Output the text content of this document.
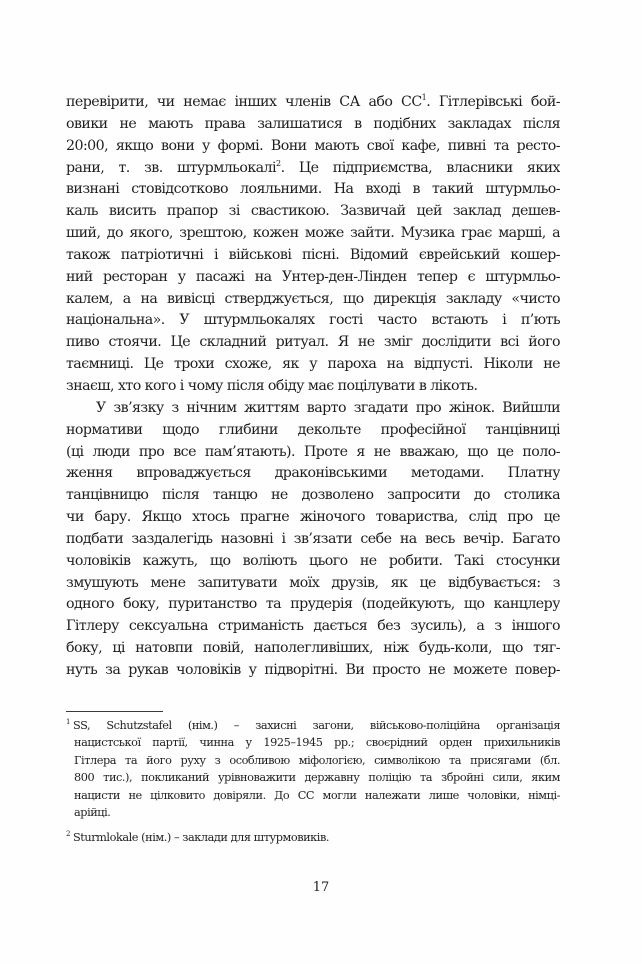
перевірити, чи немає інших членів СА або $СС^1$. Гітлерівські бой-
овики не мають права залишатися в подібних закладах після
20:00, якщо вони у формі. Вони мають свої кафе, пивні та ресто-
рани, т. зв. штурмльокалі$^2$. Це підприємства, власники яких
визнані стовідсотково лояльними. На вході в такий штурмльо-
каль висить прапор зі свастикою. Зазвичай цей заклад дешев-
ший, до якого, зрештою, кожен може зайти. Музика грає марші, а
також патріотичні і військові пісні. Відомий єврейський кошер-
ний ресторан у пасажі на Унтер-ден-Лінден тепер є штурмльо-
калем, а на вивісці стверджується, що дирекція закладу «чисто
національна». У штурмльокалях гості часто встають і п’ють
пиво стоячи. Це складний ритуал. Я не зміг дослідити всі його
таємниці. Це трохи схоже, як у пароха на відпусті. Ніколи не
знаєш, хто кого і чому після обіду має поцілувати в лікоть.
У зв’язку з нічним життям варто згадати про жінок. Вийшли
нормативи щодо глибини декольте професійної танцівниці
(ці люди про все пам’ятають). Проте я не вважаю, що це поло-
ження впроваджується драконівськими методами. Платну
танцівницю після танцю не дозволено запросити до столика
чи бару. Якщо хтось прагне жіночого товариства, слід про це
подбати заздалегідь назовні і зв’язати себе на весь вечір. Багато
чоловіків кажуть, що воліють цього не робити. Такі стосунки
змушують мене запитувати моїх друзів, як це відбувається: з
одного боку, пуританство та прудерія (подейкують, що канцлеру
Гітлеру сексуальна стриманість дається без зусиль), а з іншого
боку, ці натовпи повій, наполегливіших, ніж будь-коли, що тяг-
нуть за рукав чоловіків у підворітні. Ви просто не можете повер-
$^1$ SS, Schutzstafel (нім.) – захисні загони, військово-поліційна організація
нацистської партії, чинна у 1925–1945 рр.; своєрідний орден прихильників
Гітлера та його руху з особливою міфологією, символікою та присягами (бл.
800 тис.), покликаний урівноважити державну поліцію та збройні сили, яким
нацисти не цілковито довіряли. До СС могли належати лише чоловіки, німці-
арійці.
$^2$ Sturmlokale (нім.) – заклади для штурмовиків.
17
